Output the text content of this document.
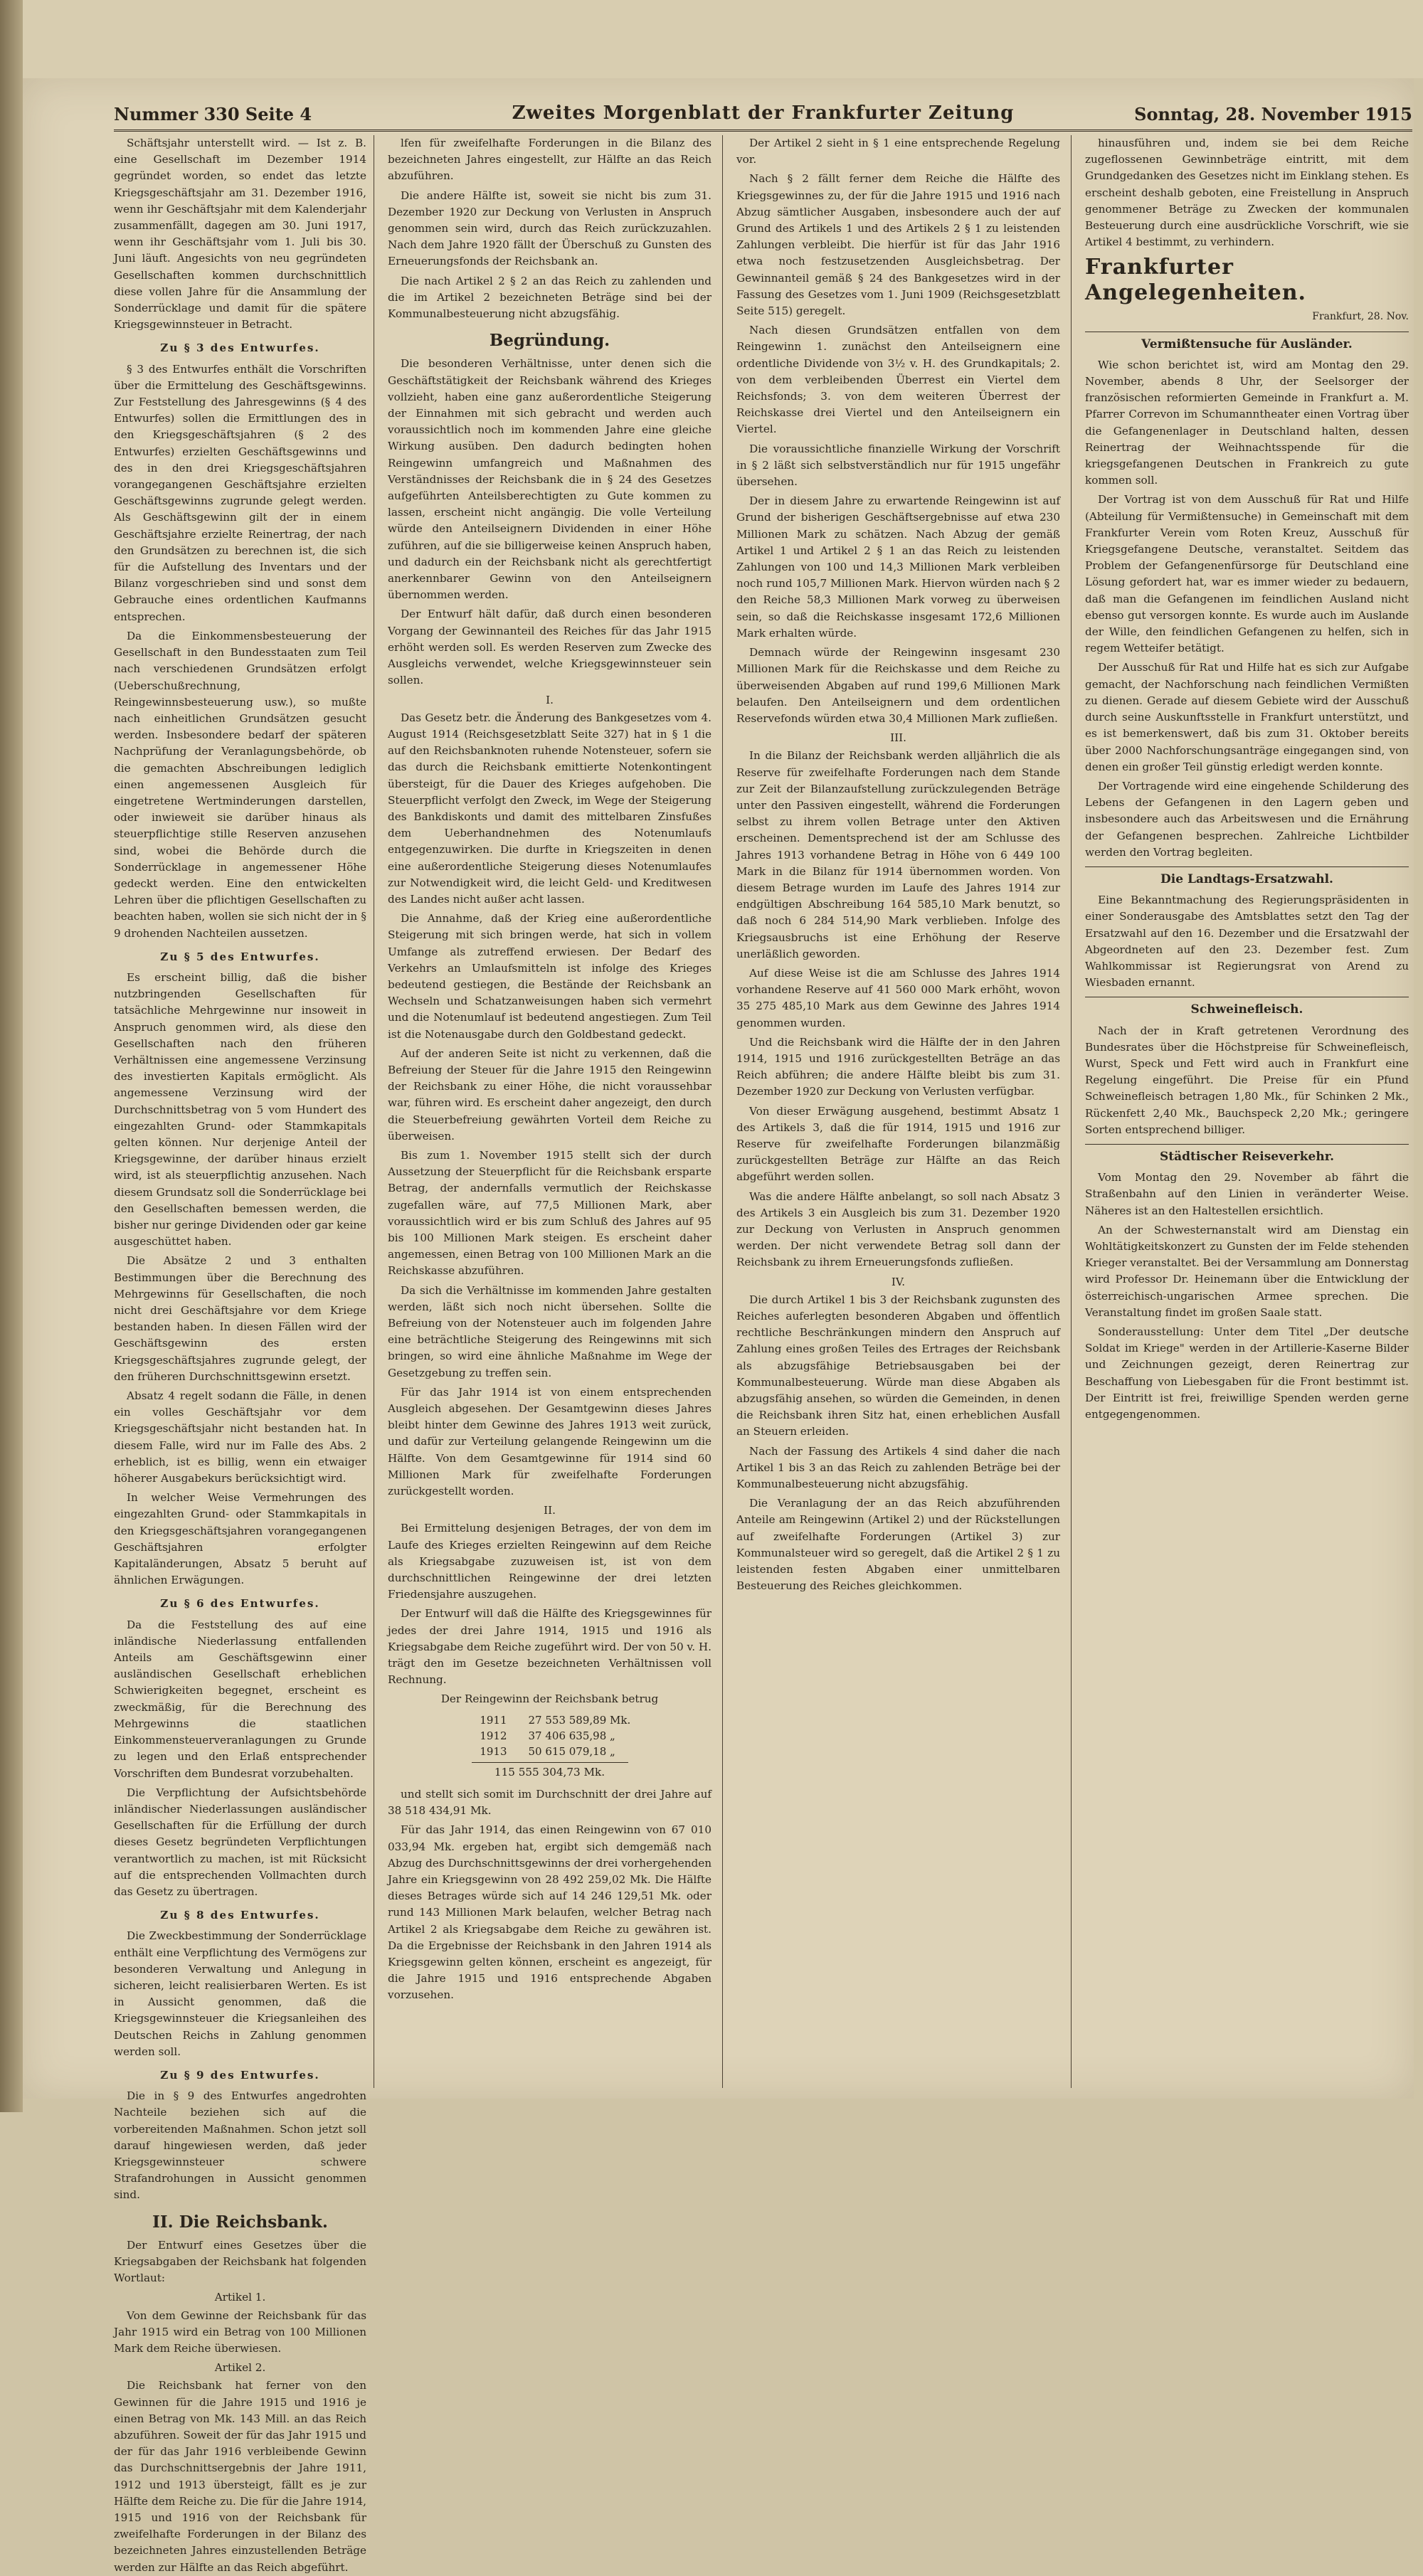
Nummer 330 Seite 4	Zweites Morgenblatt der Frankfurter Zeitung	Sonntag, 28. November 1915

Schäftsjahr unterstellt wird. — Ist z. B. eine Gesellschaft im Dezember 1914 gegründet worden, so endet das letzte Kriegsgeschäftsjahr am 31. Dezember 1916, wenn ihr Geschäftsjahr mit dem Kalenderjahr zusammenfällt, dagegen am 30. Juni 1917, wenn ihr Geschäftsjahr vom 1. Juli bis 30. Juni läuft. Angesichts von neu gegründeten Gesellschaften kommen durchschnittlich diese vollen Jahre für die Ansammlung der Sonderrücklage und damit für die spätere Kriegsgewinnsteuer in Betracht.

Zu § 3 des Entwurfes.

§ 3 des Entwurfes enthält die Vorschriften über die Ermittelung des Geschäftsgewinns. Zur Feststellung des Jahresgewinns (§ 4 des Entwurfes) sollen die Ermittlungen des in den Kriegsgeschäftsjahren (§ 2 des Entwurfes) erzielten Geschäftsgewinns und des in den drei Kriegsgeschäftsjahren vorangegangenen Geschäftsjahre erzielten Geschäftsgewinns zugrunde gelegt werden. Als Geschäftsgewinn gilt der in einem Geschäftsjahre erzielte Reinertrag, der nach den Grundsätzen zu berechnen ist, die sich für die Aufstellung des Inventars und der Bilanz vorgeschrieben sind und sonst dem Gebrauche eines ordentlichen Kaufmanns entsprechen.

Da die Einkommensbesteuerung der Gesellschaft in den Bundesstaaten zum Teil nach verschiedenen Grundsätzen erfolgt (Ueberschußrechnung, Reingewinnsbesteuerung usw.), so mußte nach einheitlichen Grundsätzen gesucht werden. Insbesondere bedarf der späteren Nachprüfung der Veranlagungsbehörde, ob die gemachten Abschreibungen lediglich einen angemessenen Ausgleich für eingetretene Wertminderungen darstellen, oder inwieweit sie darüber hinaus als steuerpflichtige stille Reserven anzusehen sind, wobei die Behörde durch die Sonderrücklage in angemessener Höhe gedeckt werden. Eine den entwickelten Lehren über die pflichtigen Gesellschaften zu beachten haben, wollen sie sich nicht der in § 9 drohenden Nachteilen aussetzen.

Zu § 5 des Entwurfes.

Es erscheint billig, daß die bisher nutzbringenden Gesellschaften für tatsächliche Mehrgewinne nur insoweit in Anspruch genommen wird, als diese den Gesellschaften nach den früheren Verhältnissen eine angemessene Verzinsung des investierten Kapitals ermöglicht. Als angemessene Verzinsung wird der Durchschnittsbetrag von 5 vom Hundert des eingezahlten Grund- oder Stammkapitals gelten können. Nur derjenige Anteil der Kriegsgewinne, der darüber hinaus erzielt wird, ist als steuerpflichtig anzusehen. Nach diesem Grundsatz soll die Sonderrücklage bei den Gesellschaften bemessen werden, die bisher nur geringe Dividenden oder gar keine ausgeschüttet haben.

Die Absätze 2 und 3 enthalten Bestimmungen über die Berechnung des Mehrgewinns für Gesellschaften, die noch nicht drei Geschäftsjahre vor dem Kriege bestanden haben. In diesen Fällen wird der Geschäftsgewinn des ersten Kriegsgeschäftsjahres zugrunde gelegt, der den früheren Durchschnittsgewinn ersetzt.

Absatz 4 regelt sodann die Fälle, in denen ein volles Geschäftsjahr vor dem Kriegsgeschäftsjahr nicht bestanden hat. In diesem Falle, wird nur im Falle des Abs. 2 erheblich, ist es billig, wenn ein etwaiger höherer Ausgabekurs berücksichtigt wird.

In welcher Weise Vermehrungen des eingezahlten Grund- oder Stammkapitals in den Kriegsgeschäftsjahren vorangegangenen Geschäftsjahren erfolgter Kapitaländerungen, Absatz 5 beruht auf ähnlichen Erwägungen.

Zu § 6 des Entwurfes.

Da die Feststellung des auf eine inländische Niederlassung entfallenden Anteils am Geschäftsgewinn einer ausländischen Gesellschaft erheblichen Schwierigkeiten begegnet, erscheint es zweckmäßig, für die Berechnung des Mehrgewinns die staatlichen Einkommensteuerveranlagungen zu Grunde zu legen und den Erlaß entsprechender Vorschriften dem Bundesrat vorzubehalten.

Die Verpflichtung der Aufsichtsbehörde inländischer Niederlassungen ausländischer Gesellschaften für die Erfüllung der durch dieses Gesetz begründeten Verpflichtungen verantwortlich zu machen, ist mit Rücksicht auf die entsprechenden Vollmachten durch das Gesetz zu übertragen.

Zu § 8 des Entwurfes.

Die Zweckbestimmung der Sonderrücklage enthält eine Verpflichtung des Vermögens zur besonderen Verwaltung und Anlegung in sicheren, leicht realisierbaren Werten. Es ist in Aussicht genommen, daß die Kriegsgewinnsteuer die Kriegsanleihen des Deutschen Reichs in Zahlung genommen werden soll.

Zu § 9 des Entwurfes.

Die in § 9 des Entwurfes angedrohten Nachteile beziehen sich auf die vorbereitenden Maßnahmen. Schon jetzt soll darauf hingewiesen werden, daß jeder Kriegsgewinnsteuer schwere Strafandrohungen in Aussicht genommen sind.

II. Die Reichsbank.

Der Entwurf eines Gesetzes über die Kriegsabgaben der Reichsbank hat folgenden Wortlaut:

Artikel 1.

Von dem Gewinne der Reichsbank für das Jahr 1915 wird ein Betrag von 100 Millionen Mark dem Reiche überwiesen.

Artikel 2.

Die Reichsbank hat ferner von den Gewinnen für die Jahre 1915 und 1916 je einen Betrag von Mk. 143 Mill. an das Reich abzuführen. Soweit der für das Jahr 1915 und der für das Jahr 1916 verbleibende Gewinn das Durchschnittsergebnis der Jahre 1911, 1912 und 1913 übersteigt, fällt es je zur Hälfte dem Reiche zu. Die für die Jahre 1914, 1915 und 1916 von der Reichsbank für zweifelhafte Forderungen in der Bilanz des bezeichneten Jahres einzustellenden Beträge werden zur Hälfte an das Reich abgeführt.

lfen für zweifelhafte Forderungen in die Bilanz des bezeichneten Jahres eingestellt, zur Hälfte an das Reich abzuführen.

Die andere Hälfte ist, soweit sie nicht bis zum 31. Dezember 1920 zur Deckung von Verlusten in Anspruch genommen sein wird, durch das Reich zurückzuzahlen. Nach dem Jahre 1920 fällt der Überschuß zu Gunsten des Erneuerungsfonds der Reichsbank an.

Die nach Artikel 2 § 2 an das Reich zu zahlenden und die im Artikel 2 bezeichneten Beträge sind bei der Kommunalbesteuerung nicht abzugsfähig.

Begründung.

Die besonderen Verhältnisse, unter denen sich die Geschäftstätigkeit der Reichsbank während des Krieges vollzieht, haben eine ganz außerordentliche Steigerung der Einnahmen mit sich gebracht und werden auch voraussichtlich noch im kommenden Jahre eine gleiche Wirkung ausüben. Den dadurch bedingten hohen Reingewinn umfangreich und Maßnahmen des Verständnisses der Reichsbank die in § 24 des Gesetzes aufgeführten Anteilsberechtigten zu Gute kommen zu lassen, erscheint nicht angängig. Die volle Verteilung würde den Anteilseignern Dividenden in einer Höhe zuführen, auf die sie billigerweise keinen Anspruch haben, und dadurch ein der Reichsbank nicht als gerechtfertigt anerkennbarer Gewinn von den Anteilseignern übernommen werden.

Der Entwurf hält dafür, daß durch einen besonderen Vorgang der Gewinnanteil des Reiches für das Jahr 1915 erhöht werden soll. Es werden Reserven zum Zwecke des Ausgleichs verwendet, welche Kriegsgewinnsteuer sein sollen.

I.

Das Gesetz betr. die Änderung des Bankgesetzes vom 4. August 1914 (Reichsgesetzblatt Seite 327) hat in § 1 die auf den Reichsbanknoten ruhende Notensteuer, sofern sie das durch die Reichsbank emittierte Notenkontingent übersteigt, für die Dauer des Krieges aufgehoben. Die Steuerpflicht verfolgt den Zweck, im Wege der Steigerung des Bankdiskonts und damit des mittelbaren Zinsfußes dem Ueberhandnehmen des Notenumlaufs entgegenzuwirken. Die durfte in Kriegszeiten in denen eine außerordentliche Steigerung dieses Notenumlaufes zur Notwendigkeit wird, die leicht Geld- und Kreditwesen des Landes nicht außer acht lassen.

Die Annahme, daß der Krieg eine außerordentliche Steigerung mit sich bringen werde, hat sich in vollem Umfange als zutreffend erwiesen. Der Bedarf des Verkehrs an Umlaufsmitteln ist infolge des Krieges bedeutend gestiegen, die Bestände der Reichsbank an Wechseln und Schatzanweisungen haben sich vermehrt und die Notenumlauf ist bedeutend angestiegen. Zum Teil ist die Notenausgabe durch den Goldbestand gedeckt.

Auf der anderen Seite ist nicht zu verkennen, daß die Befreiung der Steuer für die Jahre 1915 den Reingewinn der Reichsbank zu einer Höhe, die nicht voraussehbar war, führen wird. Es erscheint daher angezeigt, den durch die Steuerbefreiung gewährten Vorteil dem Reiche zu überweisen.

Bis zum 1. November 1915 stellt sich der durch Aussetzung der Steuerpflicht für die Reichsbank ersparte Betrag, der andernfalls vermutlich der Reichskasse zugefallen wäre, auf 77,5 Millionen Mark, aber voraussichtlich wird er bis zum Schluß des Jahres auf 95 bis 100 Millionen Mark steigen. Es erscheint daher angemessen, einen Betrag von 100 Millionen Mark an die Reichskasse abzuführen.

Da sich die Verhältnisse im kommenden Jahre gestalten werden, läßt sich noch nicht übersehen. Sollte die Befreiung von der Notensteuer auch im folgenden Jahre eine beträchtliche Steigerung des Reingewinns mit sich bringen, so wird eine ähnliche Maßnahme im Wege der Gesetzgebung zu treffen sein.

Für das Jahr 1914 ist von einem entsprechenden Ausgleich abgesehen. Der Gesamtgewinn dieses Jahres bleibt hinter dem Gewinne des Jahres 1913 weit zurück, und dafür zur Verteilung gelangende Reingewinn um die Hälfte. Von dem Gesamtgewinne für 1914 sind 60 Millionen Mark für zweifelhafte Forderungen zurückgestellt worden.

II.

Bei Ermittelung desjenigen Betrages, der von dem im Laufe des Krieges erzielten Reingewinn auf dem Reiche als Kriegsabgabe zuzuweisen ist, ist von dem durchschnittlichen Reingewinne der drei letzten Friedensjahre auszugehen.

Der Entwurf will daß die Hälfte des Kriegsgewinnes für jedes der drei Jahre 1914, 1915 und 1916 als Kriegsabgabe dem Reiche zugeführt wird. Der von 50 v. H. trägt den im Gesetze bezeichneten Verhältnissen voll Rechnung.

Der Reingewinn der Reichsbank betrug

1911 27 553 589,89 Mk.
1912 37 406 635,98 „
1913 50 615 079,18 „
115 555 304,73 Mk.

und stellt sich somit im Durchschnitt der drei Jahre auf 38 518 434,91 Mk.

Für das Jahr 1914, das einen Reingewinn von 67 010 033,94 Mk. ergeben hat, ergibt sich demgemäß nach Abzug des Durchschnittsgewinns der drei vorhergehenden Jahre ein Kriegsgewinn von 28 492 259,02 Mk. Die Hälfte dieses Betrages würde sich auf 14 246 129,51 Mk. oder rund 143 Millionen Mark belaufen, welcher Betrag nach Artikel 2 als Kriegsabgabe dem Reiche zu gewähren ist. Da die Ergebnisse der Reichsbank in den Jahren 1914 als Kriegsgewinn gelten können, erscheint es angezeigt, für die Jahre 1915 und 1916 entsprechende Abgaben vorzusehen.

Der Artikel 2 sieht in § 1 eine entsprechende Regelung vor.

Nach § 2 fällt ferner dem Reiche die Hälfte des Kriegsgewinnes zu, der für die Jahre 1915 und 1916 nach Abzug sämtlicher Ausgaben, insbesondere auch der auf Grund des Artikels 1 und des Artikels 2 § 1 zu leistenden Zahlungen verbleibt. Die hierfür ist für das Jahr 1916 etwa noch festzusetzenden Ausgleichsbetrag. Der Gewinnanteil gemäß § 24 des Bankgesetzes wird in der Fassung des Gesetzes vom 1. Juni 1909 (Reichsgesetzblatt Seite 515) geregelt.

Nach diesen Grundsätzen entfallen von dem Reingewinn 1. zunächst den Anteilseignern eine ordentliche Dividende von 3½ v. H. des Grundkapitals; 2. von dem verbleibenden Überrest ein Viertel dem Reichsfonds; 3. von dem weiteren Überrest der Reichskasse drei Viertel und den Anteilseignern ein Viertel.

Die voraussichtliche finanzielle Wirkung der Vorschrift in § 2 läßt sich selbstverständlich nur für 1915 ungefähr übersehen.

Der in diesem Jahre zu erwartende Reingewinn ist auf Grund der bisherigen Geschäftsergebnisse auf etwa 230 Millionen Mark zu schätzen. Nach Abzug der gemäß Artikel 1 und Artikel 2 § 1 an das Reich zu leistenden Zahlungen von 100 und 14,3 Millionen Mark verbleiben noch rund 105,7 Millionen Mark. Hiervon würden nach § 2 den Reiche 58,3 Millionen Mark vorweg zu überweisen sein, so daß die Reichskasse insgesamt 172,6 Millionen Mark erhalten würde.

Demnach würde der Reingewinn insgesamt 230 Millionen Mark für die Reichskasse und dem Reiche zu überweisenden Abgaben auf rund 199,6 Millionen Mark belaufen. Den Anteilseignern und dem ordentlichen Reservefonds würden etwa 30,4 Millionen Mark zufließen.

III.

In die Bilanz der Reichsbank werden alljährlich die als Reserve für zweifelhafte Forderungen nach dem Stande zur Zeit der Bilanzaufstellung zurückzulegenden Beträge unter den Passiven eingestellt, während die Forderungen selbst zu ihrem vollen Betrage unter den Aktiven erscheinen. Dementsprechend ist der am Schlusse des Jahres 1913 vorhandene Betrag in Höhe von 6 449 100 Mark in die Bilanz für 1914 übernommen worden. Von diesem Betrage wurden im Laufe des Jahres 1914 zur endgültigen Abschreibung 164 585,10 Mark benutzt, so daß noch 6 284 514,90 Mark verblieben. Infolge des Kriegsausbruchs ist eine Erhöhung der Reserve unerläßlich geworden.

Auf diese Weise ist die am Schlusse des Jahres 1914 vorhandene Reserve auf 41 560 000 Mark erhöht, wovon 35 275 485,10 Mark aus dem Gewinne des Jahres 1914 genommen wurden.

Und die Reichsbank wird die Hälfte der in den Jahren 1914, 1915 und 1916 zurückgestellten Beträge an das Reich abführen; die andere Hälfte bleibt bis zum 31. Dezember 1920 zur Deckung von Verlusten verfügbar.

Von dieser Erwägung ausgehend, bestimmt Absatz 1 des Artikels 3, daß die für 1914, 1915 und 1916 zur Reserve für zweifelhafte Forderungen bilanzmäßig zurückgestellten Beträge zur Hälfte an das Reich abgeführt werden sollen.

Was die andere Hälfte anbelangt, so soll nach Absatz 3 des Artikels 3 ein Ausgleich bis zum 31. Dezember 1920 zur Deckung von Verlusten in Anspruch genommen werden. Der nicht verwendete Betrag soll dann der Reichsbank zu ihrem Erneuerungsfonds zufließen.

IV.

Die durch Artikel 1 bis 3 der Reichsbank zugunsten des Reiches auferlegten besonderen Abgaben und öffentlich rechtliche Beschränkungen mindern den Anspruch auf Zahlung eines großen Teiles des Ertrages der Reichsbank als abzugsfähige Betriebsausgaben bei der Kommunalbesteuerung. Würde man diese Abgaben als abzugsfähig ansehen, so würden die Gemeinden, in denen die Reichsbank ihren Sitz hat, einen erheblichen Ausfall an Steuern erleiden.

Nach der Fassung des Artikels 4 sind daher die nach Artikel 1 bis 3 an das Reich zu zahlenden Beträge bei der Kommunalbesteuerung nicht abzugsfähig.

Die Veranlagung der an das Reich abzuführenden Anteile am Reingewinn (Artikel 2) und der Rückstellungen auf zweifelhafte Forderungen (Artikel 3) zur Kommunalsteuer wird so geregelt, daß die Artikel 2 § 1 zu leistenden festen Abgaben einer unmittelbaren Besteuerung des Reiches gleichkommen.

hinausführen und, indem sie bei dem Reiche zugeflossenen Gewinnbeträge eintritt, mit dem Grundgedanken des Gesetzes nicht im Einklang stehen. Es erscheint deshalb geboten, eine Freistellung in Anspruch genommener Beträge zu Zwecken der kommunalen Besteuerung durch eine ausdrückliche Vorschrift, wie sie Artikel 4 bestimmt, zu verhindern.

Frankfurter Angelegenheiten.

Frankfurt, 28. Nov.

Vermißtensuche für Ausländer.

Wie schon berichtet ist, wird am Montag den 29. November, abends 8 Uhr, der Seelsorger der französischen reformierten Gemeinde in Frankfurt a. M. Pfarrer Correvon im Schumanntheater einen Vortrag über die Gefangenenlager in Deutschland halten, dessen Reinertrag der Weihnachtsspende für die kriegsgefangenen Deutschen in Frankreich zu gute kommen soll.

Der Vortrag ist von dem Ausschuß für Rat und Hilfe (Abteilung für Vermißtensuche) in Gemeinschaft mit dem Frankfurter Verein vom Roten Kreuz, Ausschuß für Kriegsgefangene Deutsche, veranstaltet. Seitdem das Problem der Gefangenenfürsorge für Deutschland eine Lösung gefordert hat, war es immer wieder zu bedauern, daß man die Gefangenen im feindlichen Ausland nicht ebenso gut versorgen konnte. Es wurde auch im Auslande der Wille, den feindlichen Gefangenen zu helfen, sich in regem Wetteifer betätigt.

Der Ausschuß für Rat und Hilfe hat es sich zur Aufgabe gemacht, der Nachforschung nach feindlichen Vermißten zu dienen. Gerade auf diesem Gebiete wird der Ausschuß durch seine Auskunftsstelle in Frankfurt unterstützt, und es ist bemerkenswert, daß bis zum 31. Oktober bereits über 2000 Nachforschungsanträge eingegangen sind, von denen ein großer Teil günstig erledigt werden konnte.

Der Vortragende wird eine eingehende Schilderung des Lebens der Gefangenen in den Lagern geben und insbesondere auch das Arbeitswesen und die Ernährung der Gefangenen besprechen. Zahlreiche Lichtbilder werden den Vortrag begleiten.

Die Landtags-Ersatzwahl.

Eine Bekanntmachung des Regierungspräsidenten in einer Sonderausgabe des Amtsblattes setzt den Tag der Ersatzwahl auf den 16. Dezember und die Ersatzwahl der Abgeordneten auf den 23. Dezember fest. Zum Wahlkommissar ist Regierungsrat von Arend zu Wiesbaden ernannt.

Schweinefleisch.

Nach der in Kraft getretenen Verordnung des Bundesrates über die Höchstpreise für Schweinefleisch, Wurst, Speck und Fett wird auch in Frankfurt eine Regelung eingeführt. Die Preise für ein Pfund Schweinefleisch betragen 1,80 Mk., für Schinken 2 Mk., Rückenfett 2,40 Mk., Bauchspeck 2,20 Mk.; geringere Sorten entsprechend billiger.

Städtischer Reiseverkehr.

Vom Montag den 29. November ab fährt die Straßenbahn auf den Linien in veränderter Weise. Näheres ist an den Haltestellen ersichtlich.

An der Schwesternanstalt wird am Dienstag ein Wohltätigkeitskonzert zu Gunsten der im Felde stehenden Krieger veranstaltet. Bei der Versammlung am Donnerstag wird Professor Dr. Heinemann über die Entwicklung der österreichisch-ungarischen Armee sprechen. Die Veranstaltung findet im großen Saale statt.

Sonderausstellung: Unter dem Titel „Der deutsche Soldat im Kriege" werden in der Artillerie-Kaserne Bilder und Zeichnungen gezeigt, deren Reinertrag zur Beschaffung von Liebesgaben für die Front bestimmt ist. Der Eintritt ist frei, freiwillige Spenden werden gerne entgegengenommen.
